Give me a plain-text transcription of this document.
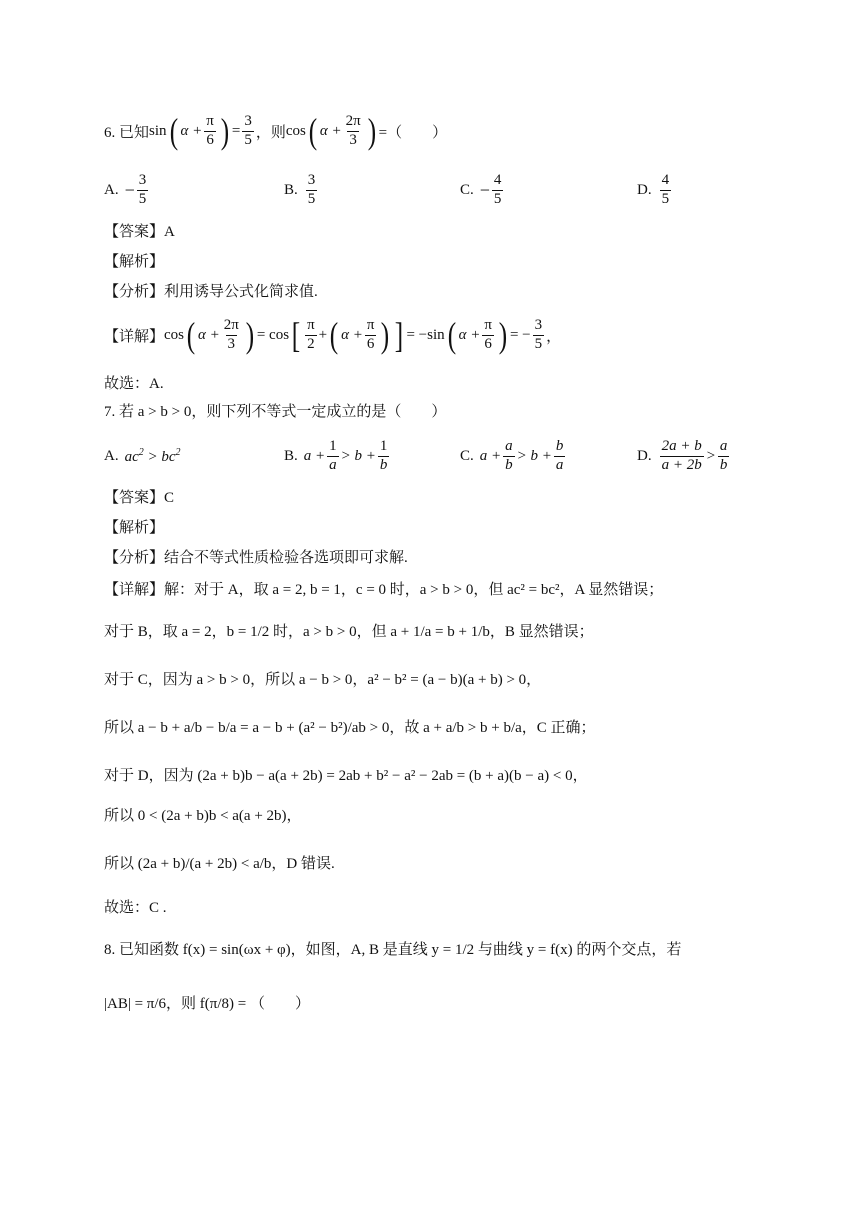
6. 已知 sin ( $\alpha + \frac{\pi}{6}$ ) = $\frac{3}{5}$ ，则 cos ( $\alpha + \frac{2\pi}{3}$ ) =（　　）
A. − $\frac{3}{5}$	B. $\frac{3}{5}$	C. − $\frac{4}{5}$	D. $\frac{4}{5}$
【答案】A
【解析】
【分析】利用诱导公式化简求值.
【详解】 cos ( $\alpha + \frac{2\pi}{3}$ ) = cos [ $\frac{\pi}{2}$ + ( $\alpha + \frac{\pi}{6}$ ) ] = −sin ( $\alpha + \frac{\pi}{6}$ ) = − $\frac{3}{5}$ ，
故选：A.
7. 若 a > b > 0，则下列不等式一定成立的是（　　）
A. $ac^2 > bc^2$	B. $a + \frac{1}{a} > b + \frac{1}{b}$	C. $a + \frac{a}{b} > b + \frac{b}{a}$	D. $\frac{2a + b}{a + 2b} > \frac{a}{b}$
【答案】C
【解析】
【分析】结合不等式性质检验各选项即可求解.
【详解】解：对于 A，取 a = 2, b = 1，c = 0 时，a > b > 0，但 ac² = bc²，A 显然错误；
对于 B，取 a = 2，b = 1/2 时，a > b > 0，但 a + 1/a = b + 1/b，B 显然错误；
对于 C，因为 a > b > 0，所以 a − b > 0，a² − b² = (a − b)(a + b) > 0，
所以 a − b + a/b − b/a = a − b + (a² − b²)/ab > 0，故 a + a/b > b + b/a，C 正确；
对于 D，因为 (2a + b)b − a(a + 2b) = 2ab + b² − a² − 2ab = (b + a)(b − a) < 0，
所以 0 < (2a + b)b < a(a + 2b)，
所以 (2a + b)/(a + 2b) < a/b，D 错误.
故选：C .
8. 已知函数 f(x) = sin(ωx + φ)，如图，A, B 是直线 y = 1/2 与曲线 y = f(x) 的两个交点，若
|AB| = π/6，则 f(π/8) = （　　）
